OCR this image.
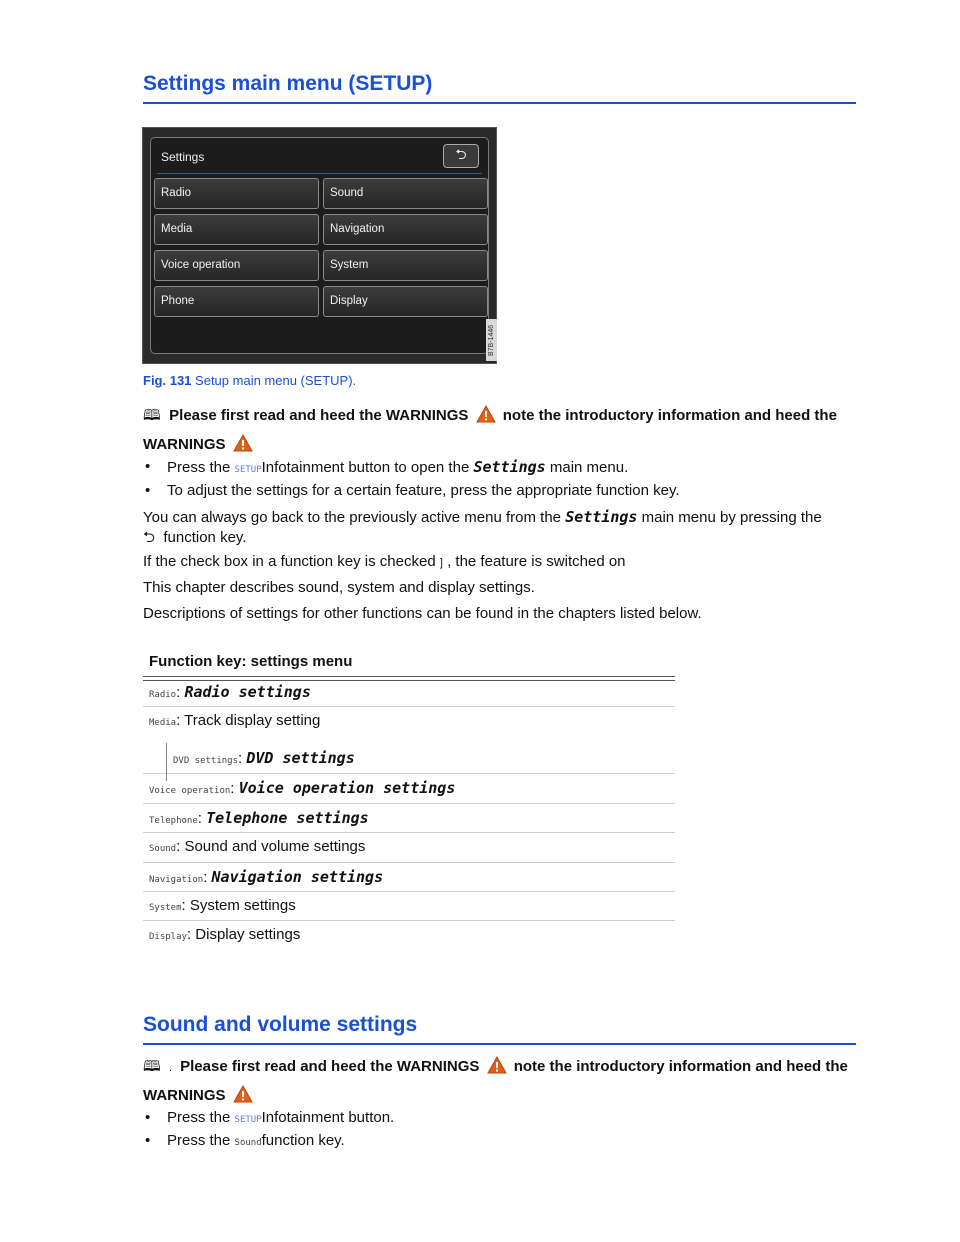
Settings main menu (SETUP)
Settings	⮌
Radio	Sound
Media	Navigation
Voice operation	System
Phone	Display
B7B-1446
Fig. 131 Setup main menu (SETUP).
🕮 Please first read and heed the WARNINGS note the introductory information and heed the WARNINGS
• Press the SETUPInfotainment button to open the Settings main menu.
• To adjust the settings for a certain feature, press the appropriate function key.
You can always go back to the previously active menu from the Settings main menu by pressing the
⮌ function key.
If the check box in a function key is checked ] , the feature is switched on
This chapter describes sound, system and display settings.
Descriptions of settings for other functions can be found in the chapters listed below.
Function key: settings menu
Radio: Radio settings
Media: Track display setting
DVD settings: DVD settings
Voice operation: Voice operation settings
Telephone: Telephone settings
Sound: Sound and volume settings
Navigation: Navigation settings
System: System settings
Display: Display settings
Sound and volume settings
🕮 . Please first read and heed the WARNINGS note the introductory information and heed the WARNINGS
• Press the SETUPInfotainment button.
• Press the Soundfunction key.
